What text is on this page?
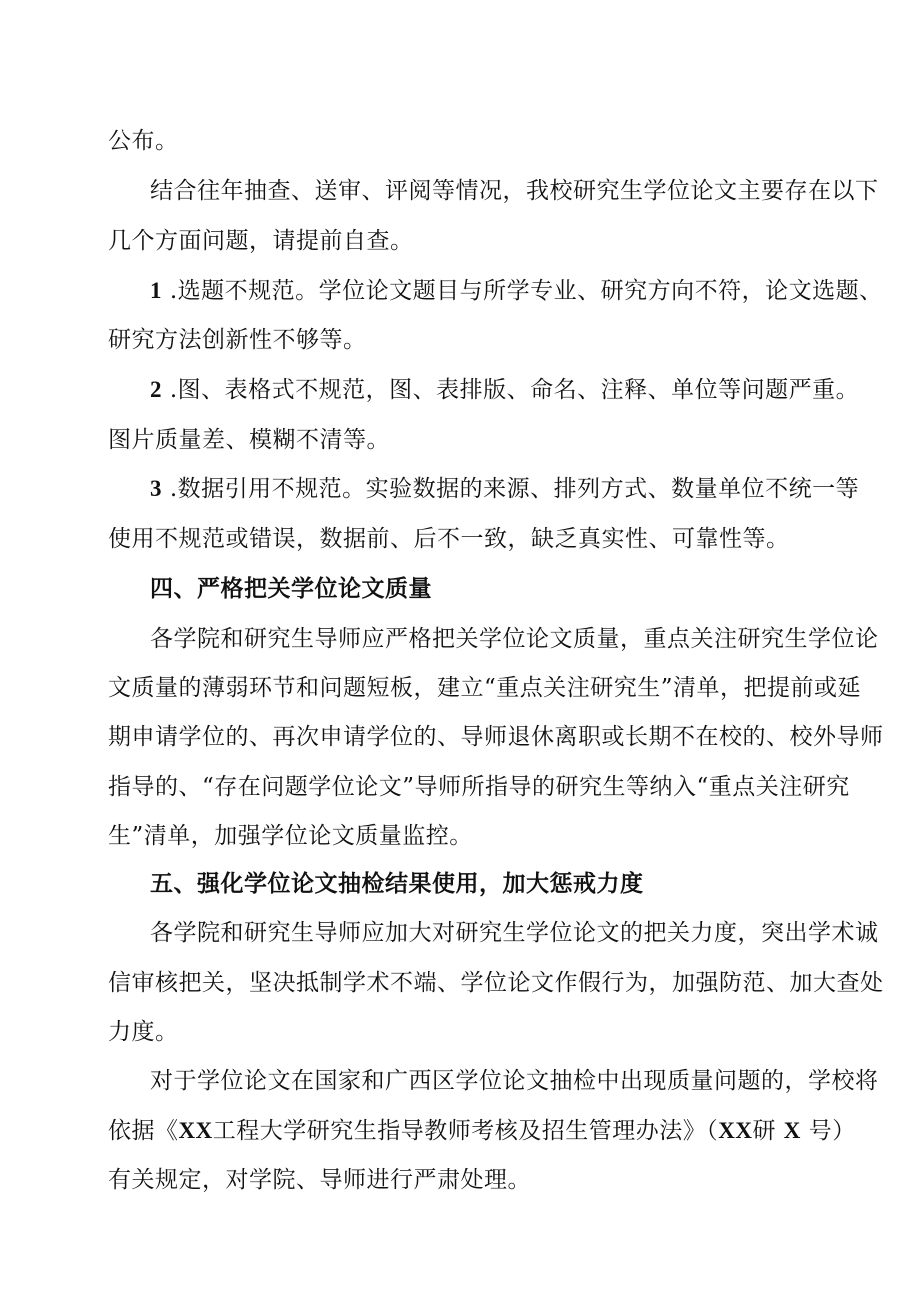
公布。
结合往年抽查、送审、评阅等情况，我校研究生学位论文主要存在以下
几个方面问题，请提前自查。
1 .选题不规范。学位论文题目与所学专业、研究方向不符，论文选题、
研究方法创新性不够等。
2 .图、表格式不规范，图、表排版、命名、注释、单位等问题严重。
图片质量差、模糊不清等。
3 .数据引用不规范。实验数据的来源、排列方式、数量单位不统一等
使用不规范或错误，数据前、后不一致，缺乏真实性、可靠性等。
四、严格把关学位论文质量
各学院和研究生导师应严格把关学位论文质量，重点关注研究生学位论
文质量的薄弱环节和问题短板，建立“重点关注研究生”清单，把提前或延
期申请学位的、再次申请学位的、导师退休离职或长期不在校的、校外导师
指导的、“存在问题学位论文”导师所指导的研究生等纳入“重点关注研究
生”清单，加强学位论文质量监控。
五、强化学位论文抽检结果使用，加大惩戒力度
各学院和研究生导师应加大对研究生学位论文的把关力度，突出学术诚
信审核把关，坚决抵制学术不端、学位论文作假行为，加强防范、加大查处
力度。
对于学位论文在国家和广西区学位论文抽检中出现质量问题的，学校将
依据《XX工程大学研究生指导教师考核及招生管理办法》（XX研 X 号）
有关规定，对学院、导师进行严肃处理。
